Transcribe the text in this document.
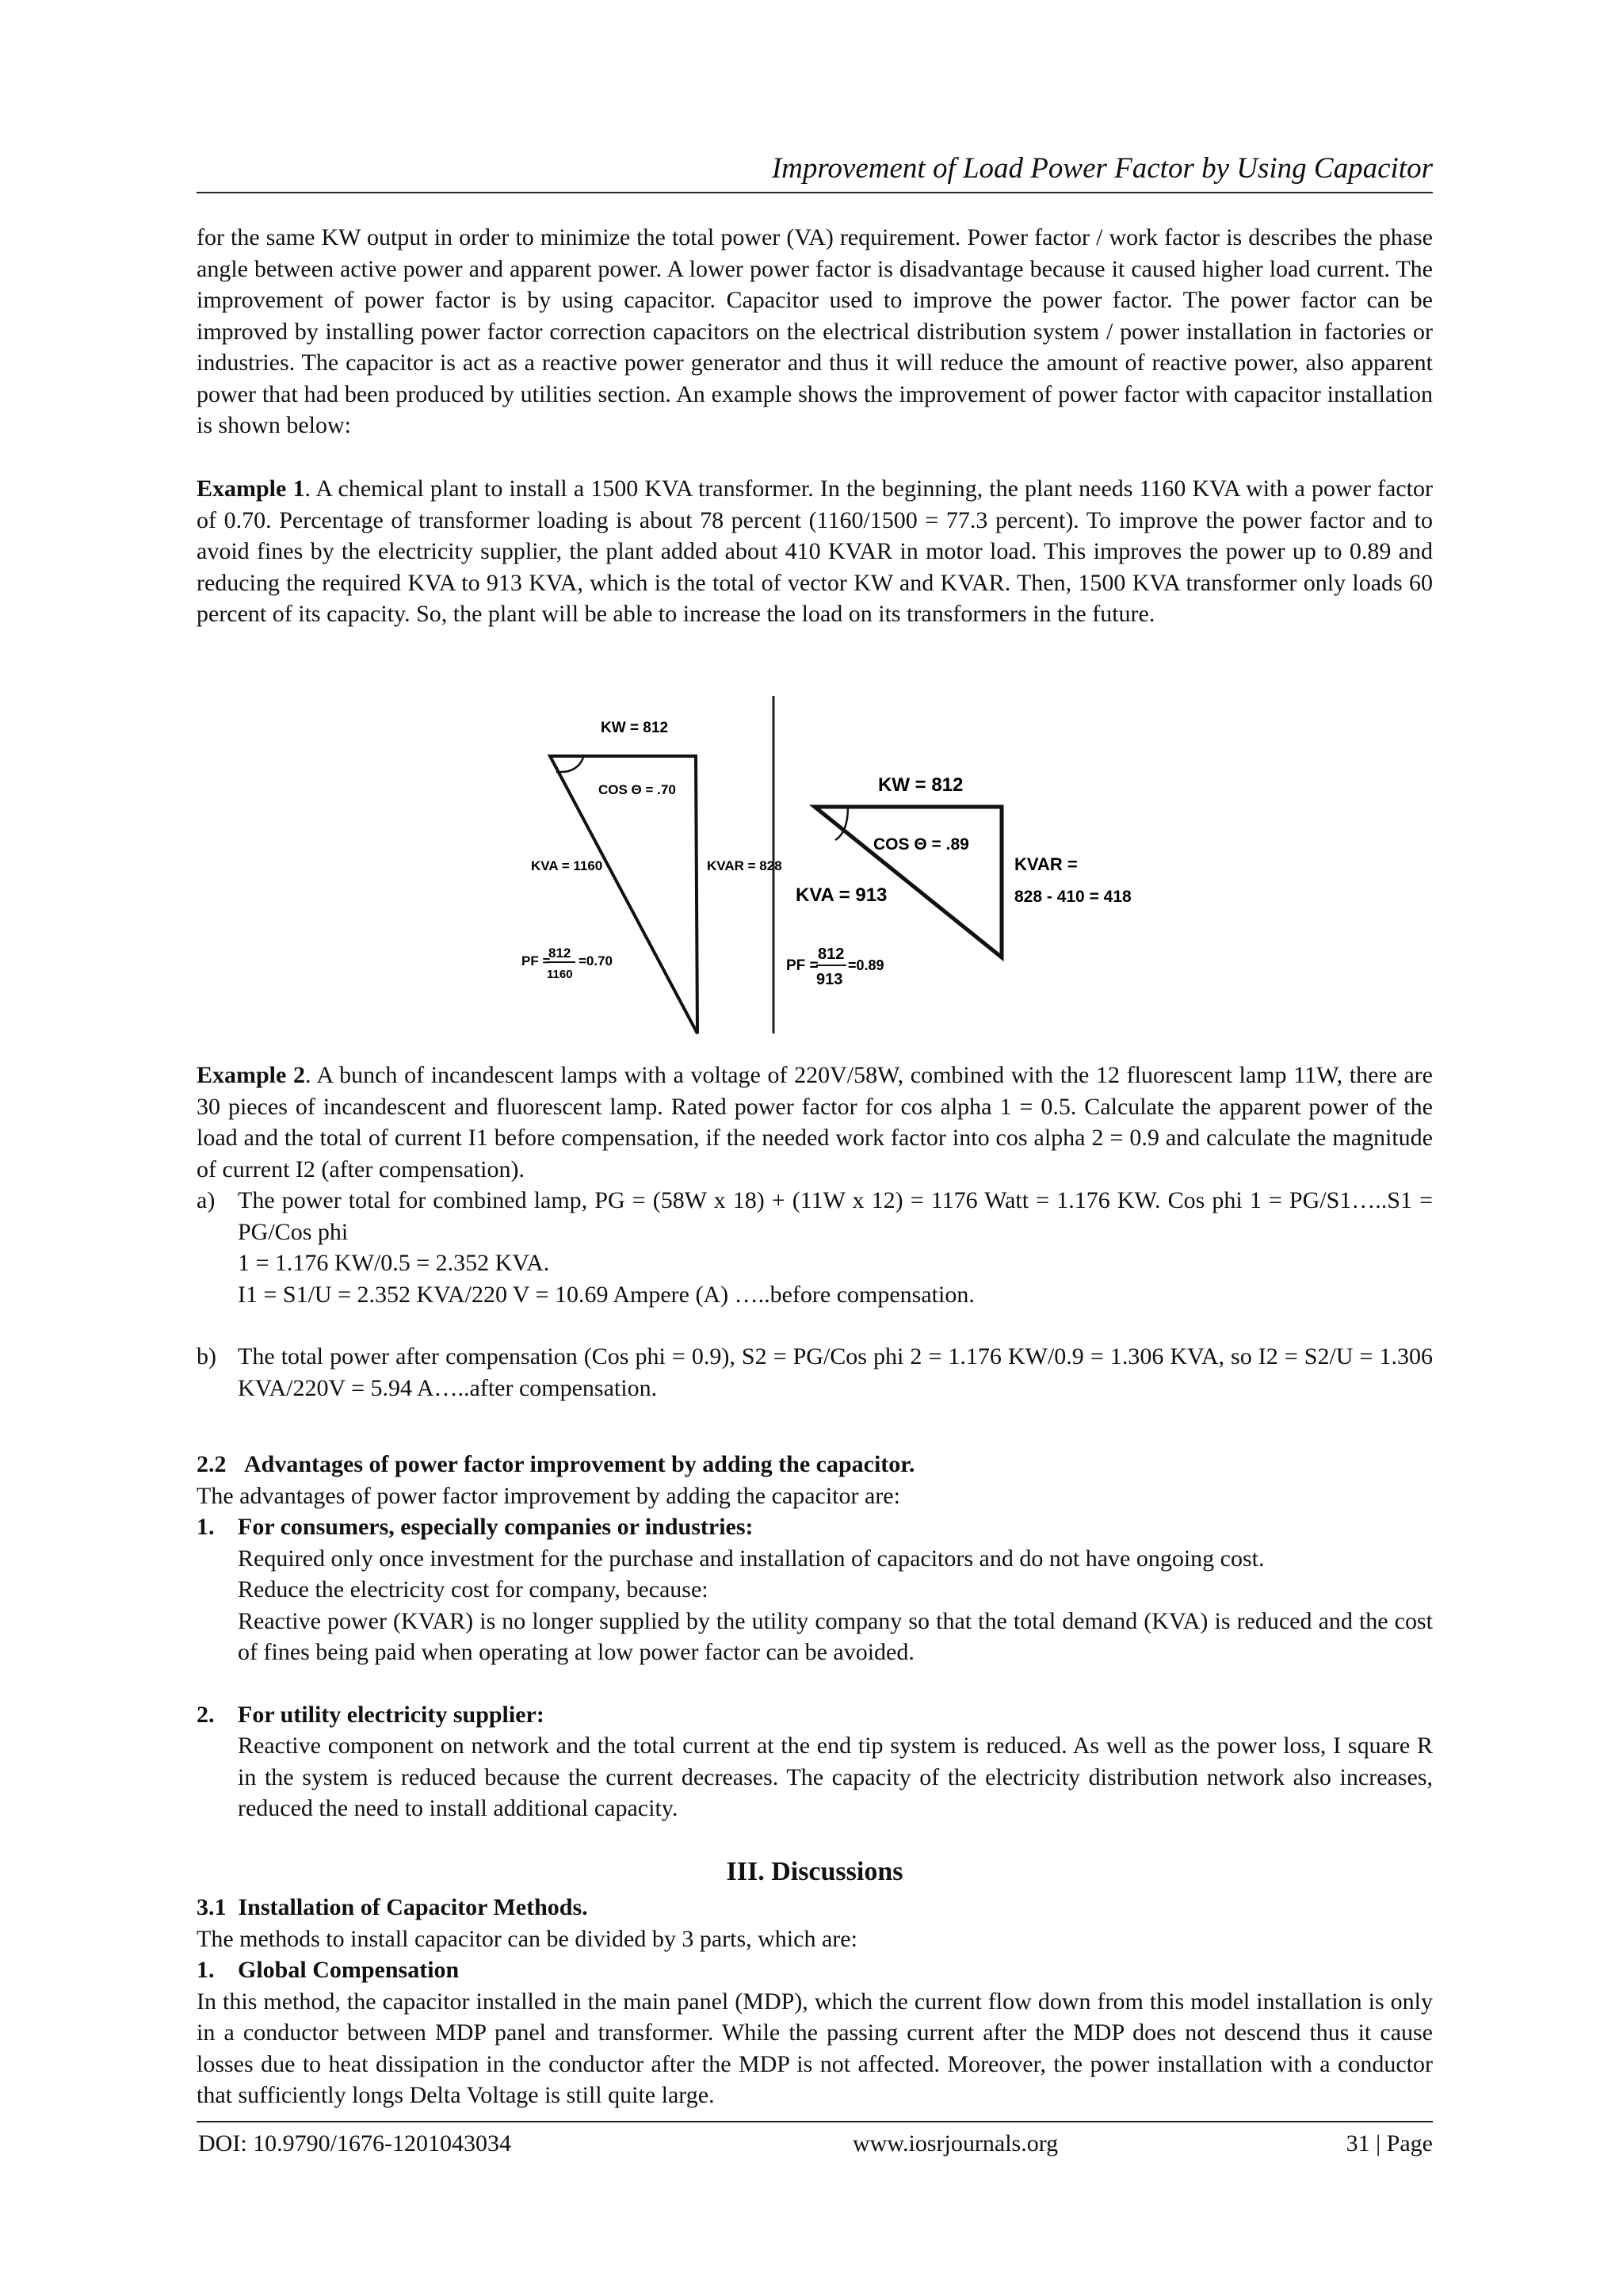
Improvement of Load Power Factor by Using Capacitor

for the same KW output in order to minimize the total power (VA) requirement. Power factor / work factor is describes the phase angle between active power and apparent power. A lower power factor is disadvantage because it caused higher load current. The improvement of power factor is by using capacitor. Capacitor used to improve the power factor. The power factor can be improved by installing power factor correction capacitors on the electrical distribution system / power installation in factories or industries. The capacitor is act as a reactive power generator and thus it will reduce the amount of reactive power, also apparent power that had been produced by utilities section. An example shows the improvement of power factor with capacitor installation is shown below:

Example 1. A chemical plant to install a 1500 KVA transformer. In the beginning, the plant needs 1160 KVA with a power factor of 0.70. Percentage of transformer loading is about 78 percent (1160/1500 = 77.3 percent). To improve the power factor and to avoid fines by the electricity supplier, the plant added about 410 KVAR in motor load. This improves the power up to 0.89 and reducing the required KVA to 913 KVA, which is the total of vector KW and KVAR. Then, 1500 KVA transformer only loads 60 percent of its capacity. So, the plant will be able to increase the load on its transformers in the future.

KW = 812
COS Θ = .70
KVA = 1160	KVAR = 828
PF =
812
1160
=0.70
KW = 812
COS Θ = .89
KVA = 913
KVAR =
828 - 410 = 418
PF =
812
913
=0.89
Example 2. A bunch of incandescent lamps with a voltage of 220V/58W, combined with the 12 fluorescent lamp 11W, there are 30 pieces of incandescent and fluorescent lamp. Rated power factor for cos alpha 1 = 0.5. Calculate the apparent power of the load and the total of current I1 before compensation, if the needed work factor into cos alpha 2 = 0.9 and calculate the magnitude of current I2 (after compensation).
a) The power total for combined lamp, PG = (58W x 18) + (11W x 12) = 1176 Watt = 1.176 KW. Cos phi 1 = PG/S1…..S1 = PG/Cos phi
1 = 1.176 KW/0.5 = 2.352 KVA.
I1 = S1/U = 2.352 KVA/220 V = 10.69 Ampere (A) …..before compensation.
b) The total power after compensation (Cos phi = 0.9), S2 = PG/Cos phi 2 = 1.176 KW/0.9 = 1.306 KVA, so I2 = S2/U = 1.306 KVA/220V = 5.94 A…..after compensation.
2.2   Advantages of power factor improvement by adding the capacitor.
The advantages of power factor improvement by adding the capacitor are:
1. For consumers, especially companies or industries:
Required only once investment for the purchase and installation of capacitors and do not have ongoing cost.
Reduce the electricity cost for company, because:
Reactive power (KVAR) is no longer supplied by the utility company so that the total demand (KVA) is reduced and the cost of fines being paid when operating at low power factor can be avoided.
2. For utility electricity supplier:
Reactive component on network and the total current at the end tip system is reduced. As well as the power loss, I square R in the system is reduced because the current decreases. The capacity of the electricity distribution network also increases, reduced the need to install additional capacity.
III. Discussions
3.1  Installation of Capacitor Methods.
The methods to install capacitor can be divided by 3 parts, which are:
1. Global Compensation
In this method, the capacitor installed in the main panel (MDP), which the current flow down from this model installation is only in a conductor between MDP panel and transformer. While the passing current after the MDP does not descend thus it cause losses due to heat dissipation in the conductor after the MDP is not affected. Moreover, the power installation with a conductor that sufficiently longs Delta Voltage is still quite large.
DOI: 10.9790/1676-1201043034	www.iosrjournals.org	31 | Page
